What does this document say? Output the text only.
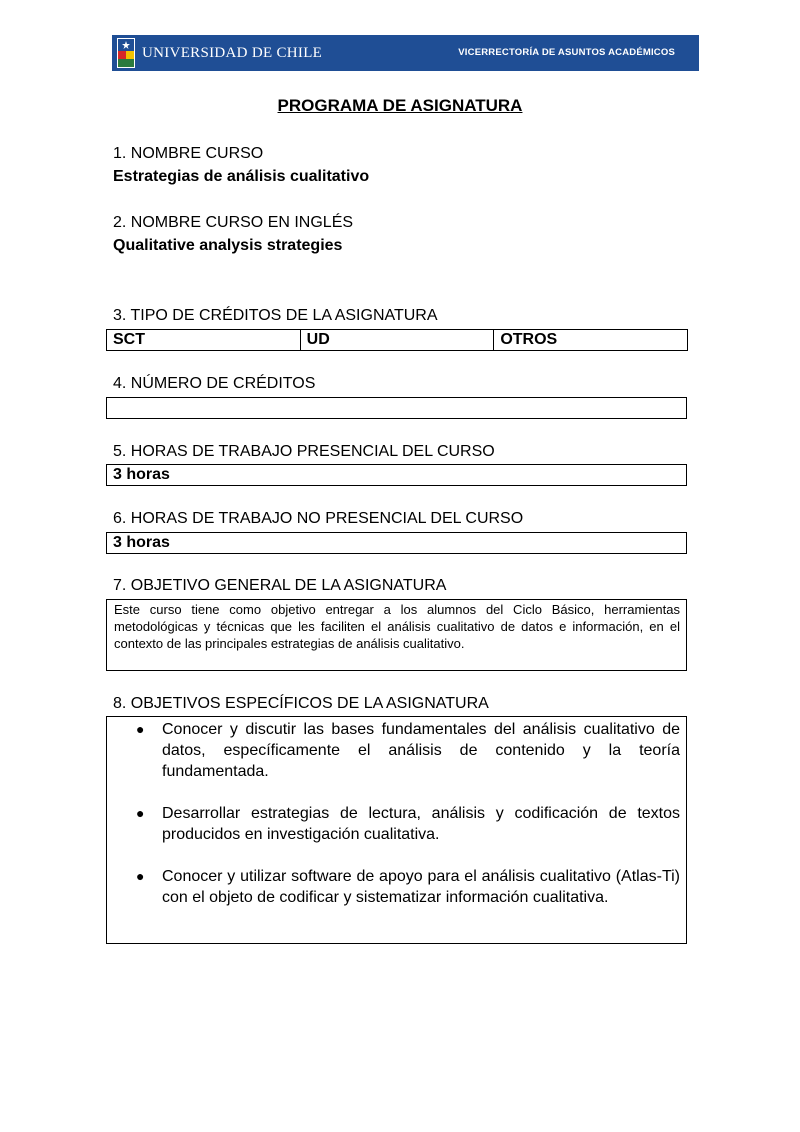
UNIVERSIDAD DE CHILE	VICERRECTORÍA DE ASUNTOS ACADÉMICOS
PROGRAMA DE ASIGNATURA
1. NOMBRE CURSO
Estrategias de análisis cualitativo
2. NOMBRE CURSO EN INGLÉS
Qualitative analysis strategies
3. TIPO DE CRÉDITOS DE LA ASIGNATURA
SCT	UD	OTROS
4. NÚMERO DE CRÉDITOS
5. HORAS DE TRABAJO PRESENCIAL DEL CURSO
3 horas
6. HORAS DE TRABAJO NO PRESENCIAL DEL CURSO
3 horas
7. OBJETIVO GENERAL DE LA ASIGNATURA
Este curso tiene como objetivo entregar a los alumnos del Ciclo Básico, herramientas metodológicas y técnicas que les faciliten el análisis cualitativo de datos e información, en el contexto de las principales estrategias de análisis cualitativo.
8. OBJETIVOS ESPECÍFICOS DE LA ASIGNATURA
● Conocer y discutir las bases fundamentales del análisis cualitativo de datos, específicamente el análisis de contenido y la teoría fundamentada.
● Desarrollar estrategias de lectura, análisis y codificación de textos producidos en investigación cualitativa.
● Conocer y utilizar software de apoyo para el análisis cualitativo (Atlas-Ti) con el objeto de codificar y sistematizar información cualitativa.
